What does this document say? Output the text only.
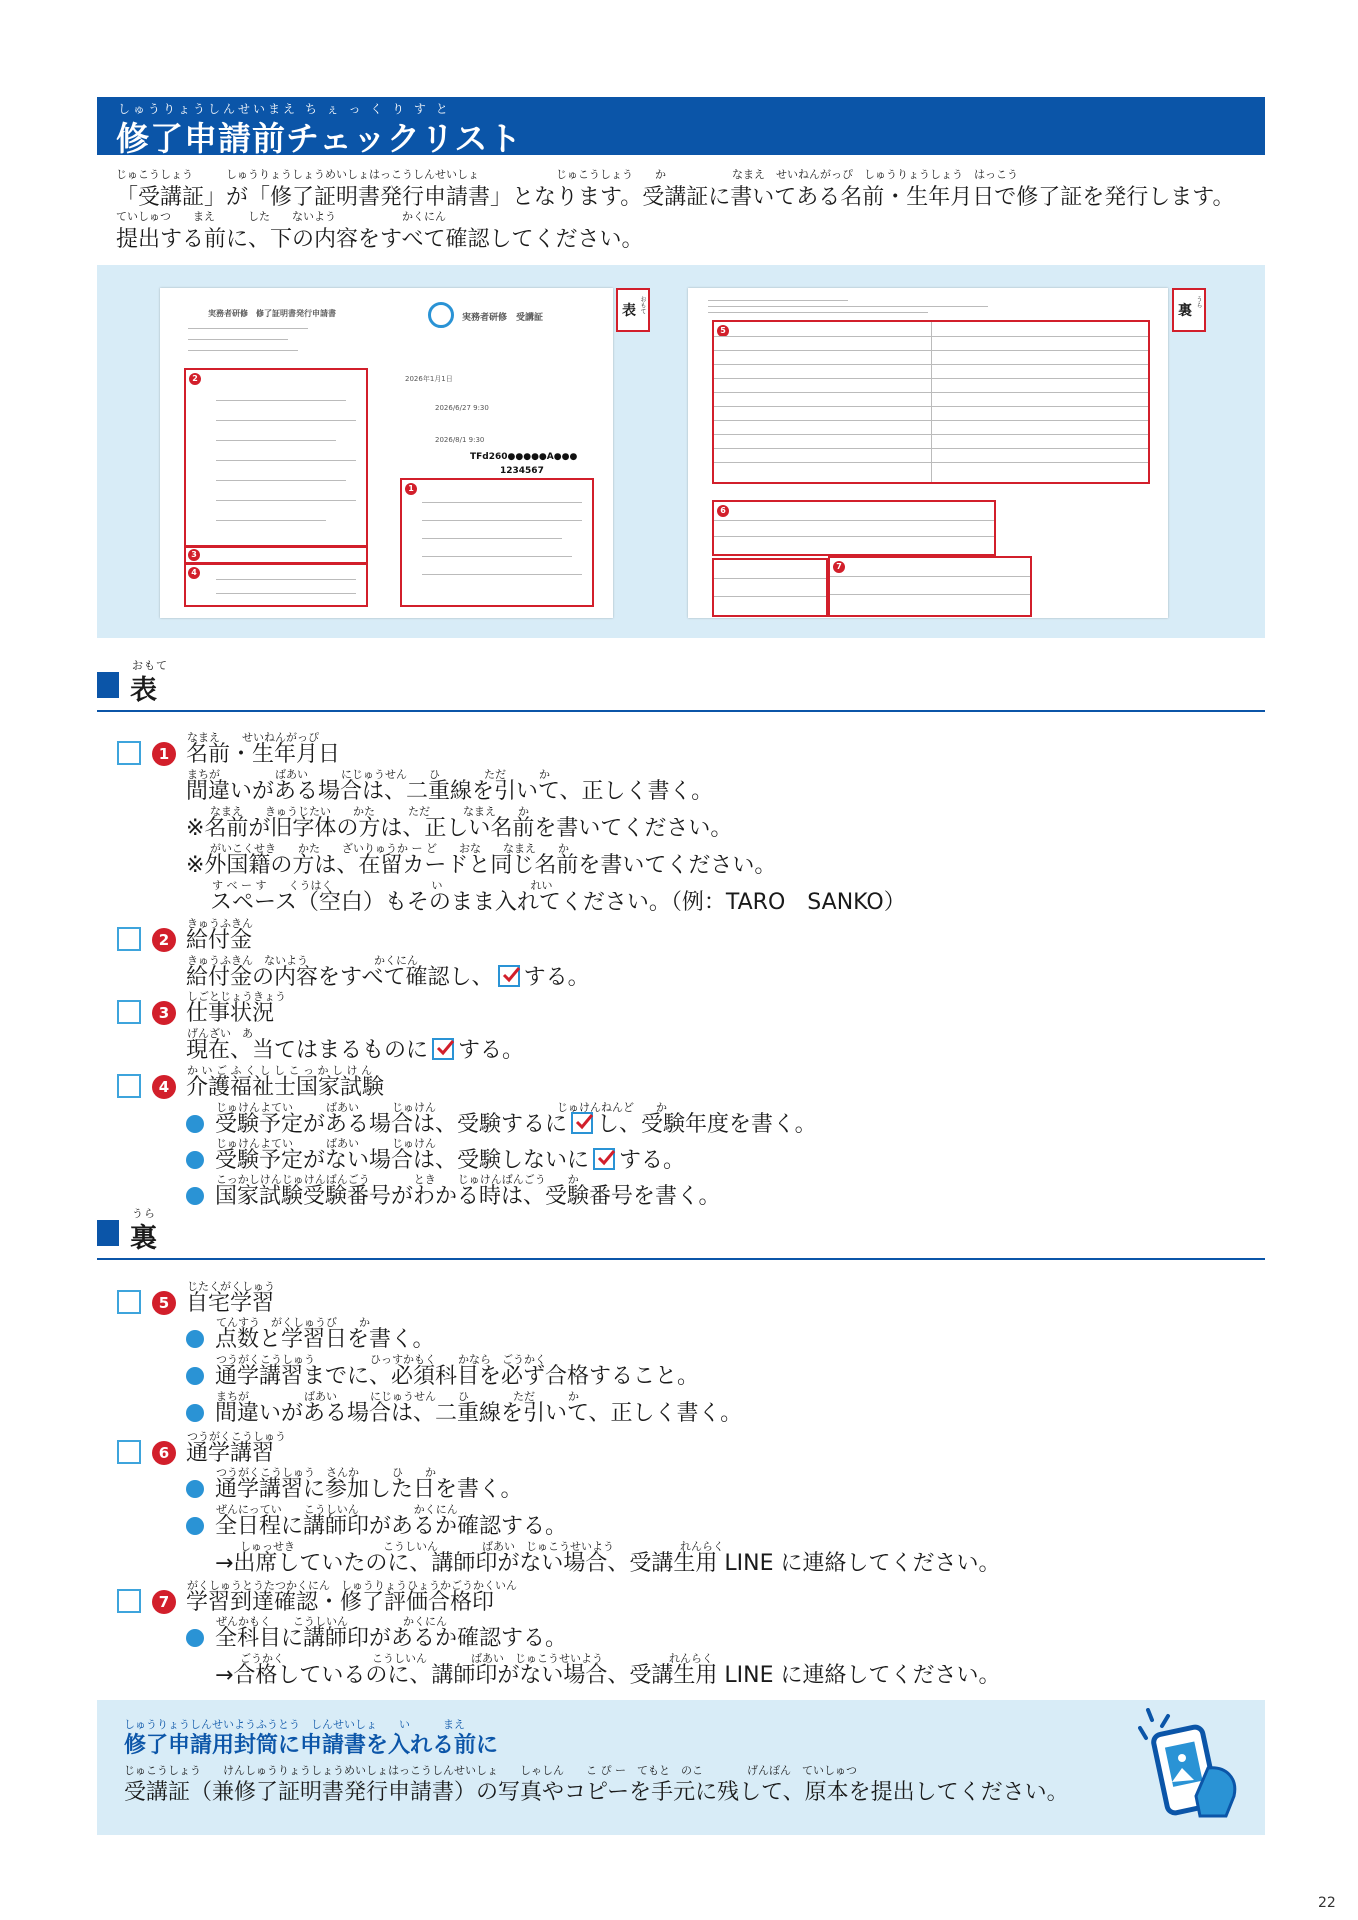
しゅうりょうしんせいまえ ち ぇ っ く り す と
修了申請前チェックリスト
じゅこうしょう　　　しゅうりょうしょうめいしょはっこうしんせいしょ　　　　　　　じゅこうしょう　　か　　　　　　なまえ　せいねんがっぴ　しゅうりょうしょう　はっこう
「受講証」が「修了証明書発行申請書」となります。受講証に書いてある名前・生年月日で修了証を発行します。
ていしゅつ　　まえ　　　した　　ないよう　　　　　　かくにん
提出する前に、下の内容をすべて確認してください。
実務者研修　修了証明書発行申請書
2
3
4
実務者研修　受講証
2026年1月1日
2026/6/27 9:30
2026/8/1 9:30
TFd260●●●●●A●●●
1234567
1
表 おもて
5
6
7
裏
うら
おもて
表
1
なまえ　　せいねんがっぴ
名前・生年月日
まちが　　　　　ばあい　　　にじゅうせん　　ひ　　　　ただ　　　か
間違いがある場合は、二重線を引いて、正しく書く。
なまえ　　きゅうじたい　　かた　　　ただ　　　なまえ　　か
※名前が旧字体の方は、正しい名前を書いてください。
がいこくせき　　かた　　ざいりゅうか ー ど　　おな　　なまえ　　か
※外国籍の方は、在留カードと同じ名前を書いてください。
す べ ー す　　くうはく　　　　　　　　　い　　　　　　　　れい
スペース（空白）もそのまま入れてください。（例：TARO　SANKO）
2
きゅうふきん
給付金
きゅうふきん　ないよう　　　　　　かくにん
給付金の内容をすべて確認し、 する。
3
しごとじょうきょう
仕事状況
げんざい　あ
現在、当てはまるものに する。
4
か い ご ふ く し し こ っ か し け ん
介護福祉士国家試験
じゅけんよてい　　　ばあい　　　じゅけん　　　　　　　　　　　じゅけんねんど　　か
受験予定がある場合は、受験するに し、受験年度を書く。
じゅけんよてい　　　ばあい　　　じゅけん
受験予定がない場合は、受験しないに する。
こっかしけんじゅけんばんごう　　　　とき　　じゅけんばんごう　　か
国家試験受験番号がわかる時は、受験番号を書く。
うら
裏
5
じたくがくしゅう
自宅学習
てんすう　がくしゅうび　　か
点数と学習日を書く。
つうがくこうしゅう　　　　　ひっすかもく　　かなら　ごうかく
通学講習までに、必須科目を必ず合格すること。
まちが　　　　　ばあい　　　にじゅうせん　　ひ　　　　ただ　　　か
間違いがある場合は、二重線を引いて、正しく書く。
6
つうがくこうしゅう
通学講習
つうがくこうしゅう　さんか　　　ひ　　か
通学講習に参加した日を書く。
ぜんにってい　　こうしいん　　　　　かくにん
全日程に講師印があるか確認する。
しゅっせき　　　　　　　　こうしいん　　　　ばあい　じゅこうせいよう　　　　　　れんらく
→出席していたのに、講師印がない場合、受講生用 LINE に連絡してください。
7
がくしゅうとうたつかくにん　しゅうりょうひょうかごうかくいん
学習到達確認・修了評価合格印
ぜんかもく　　こうしいん　　　　　かくにん
全科目に講師印があるか確認する。
ごうかく　　　　　　　　こうしいん　　　　ばあい　じゅこうせいよう　　　　　　れんらく
→合格しているのに、講師印がない場合、受講生用 LINE に連絡してください。
しゅうりょうしんせいようふうとう　しんせいしょ　　い　　　まえ
修了申請用封筒に申請書を入れる前に
じゅこうしょう　　けんしゅうりょうしょうめいしょはっこうしんせいしょ　　しゃしん　　こ ぴ ー　てもと　のこ　　　　げんぽん　ていしゅつ
受講証（兼修了証明書発行申請書）の写真やコピーを手元に残して、原本を提出してください。
22
